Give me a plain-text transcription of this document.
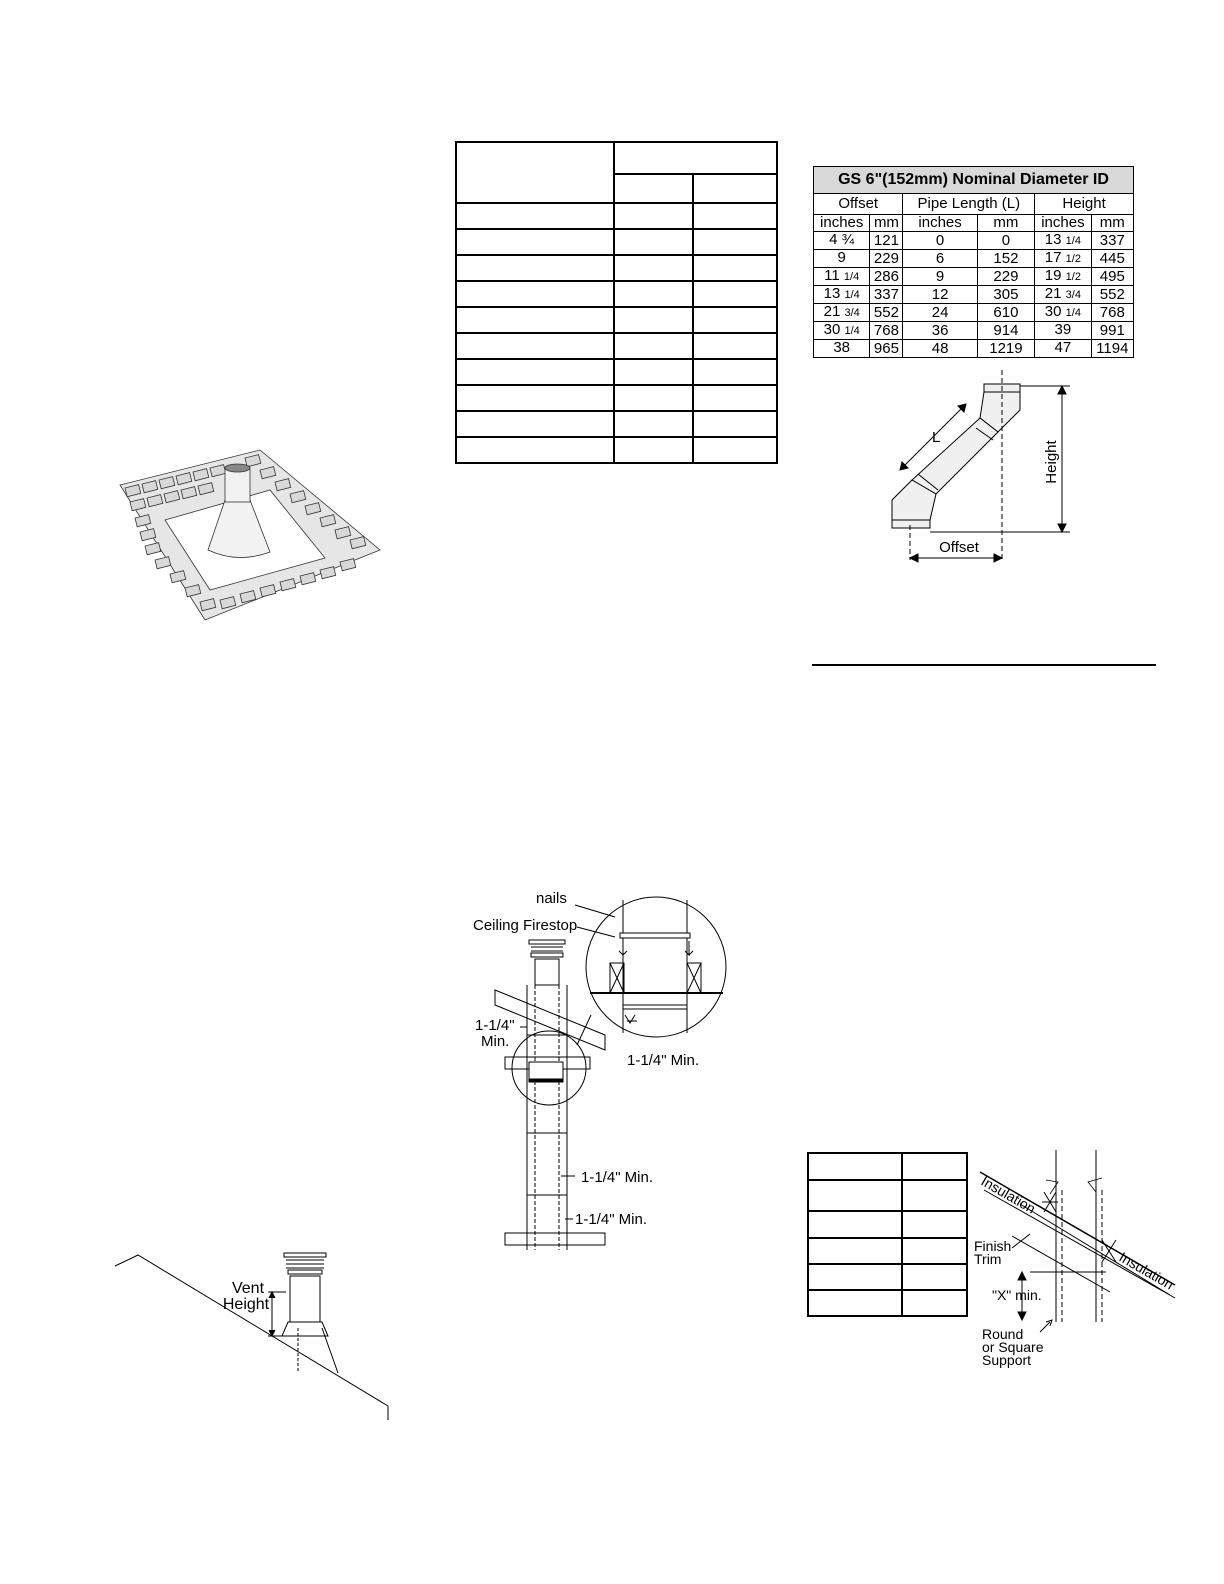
Vent
Height

nails
Ceiling Firestop
1-1/4"
Min.
1-1/4" Min.
1-1/4" Min.
1-1/4" Min.
GS 6"(152mm) Nominal Diameter ID					
Offset		Pipe Length (L)		Height	
inches	mm	inches	mm	inches	mm
4 ¾	121	0	0	13 1/4	337
9	229	6	152	17 1/2	445
11 1/4	286	9	229	19 1/2	495
13 1/4	337	12	305	21 3/4	552
21 3/4	552	24	610	30 1/4	768
30 1/4	768	36	914	39	991
38	965	48	1219	47	1194
L
Height
Offset

Insulation
Insulation
Finish
Trim
"X" min.
Round
or Square
Support
